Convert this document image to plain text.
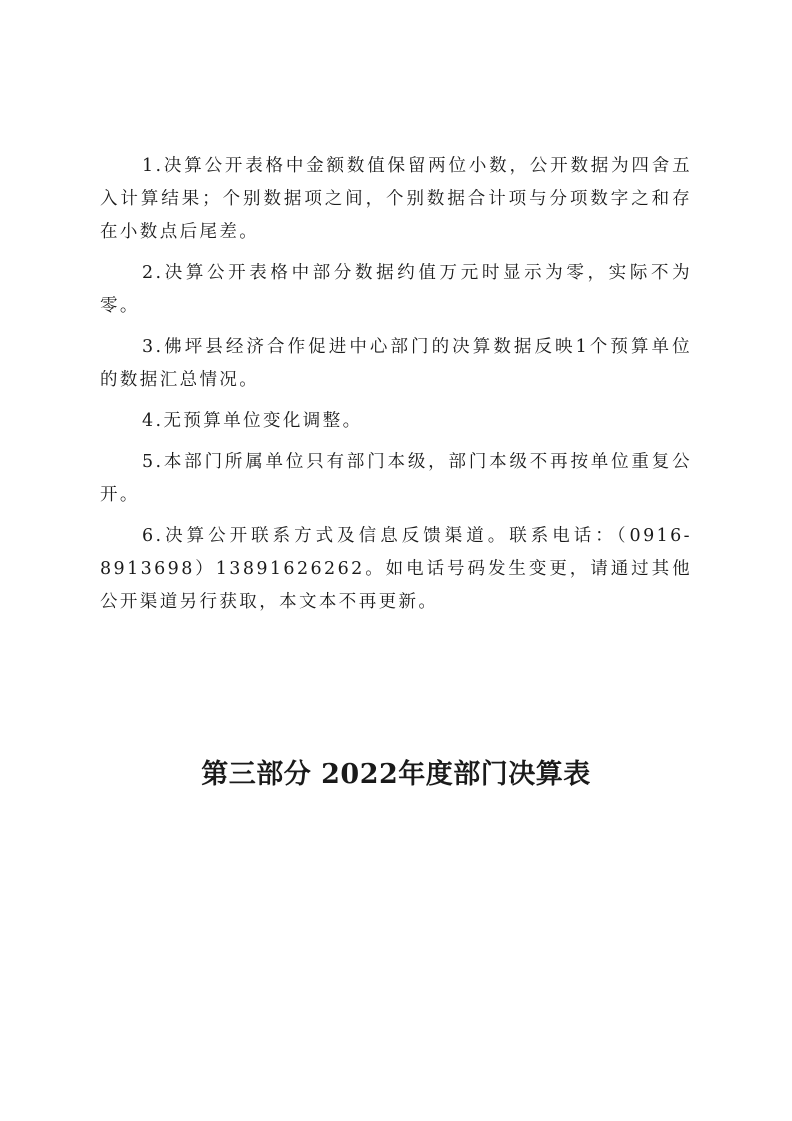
1.决算公开表格中金额数值保留两位小数，公开数据为四舍五入计算结果；个别数据项之间，个别数据合计项与分项数字之和存在小数点后尾差。

2.决算公开表格中部分数据约值万元时显示为零，实际不为零。

3.佛坪县经济合作促进中心部门的决算数据反映1个预算单位的数据汇总情况。

4.无预算单位变化调整。

5.本部门所属单位只有部门本级，部门本级不再按单位重复公开。

6.决算公开联系方式及信息反馈渠道。联系电话：（0916-8913698）13891626262。如电话号码发生变更，请通过其他公开渠道另行获取，本文本不再更新。

第三部分 2022年度部门决算表
